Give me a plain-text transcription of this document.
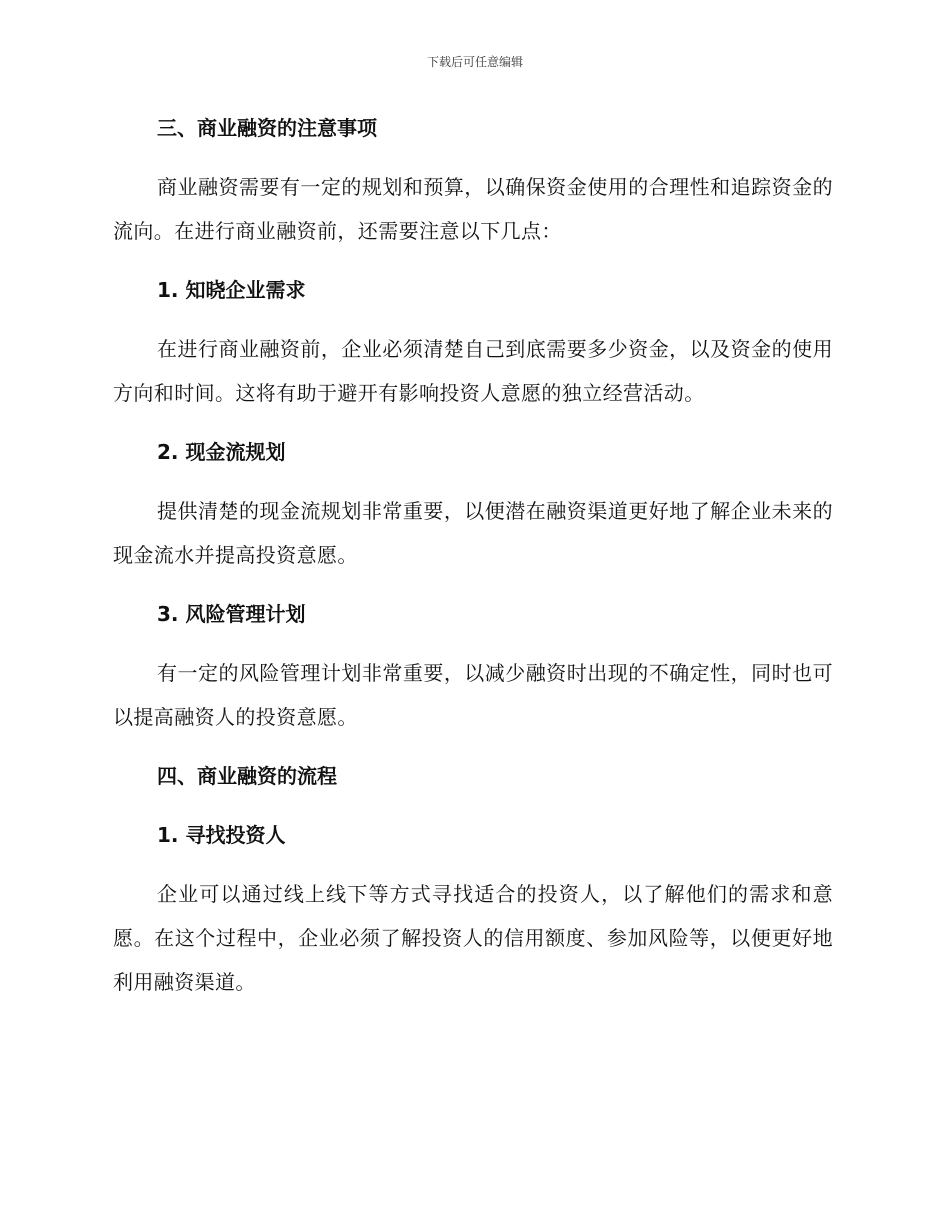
下载后可任意编辑
三、商业融资的注意事项

商业融资需要有一定的规划和预算，以确保资金使用的合理性和追踪资金的流向。在进行商业融资前，还需要注意以下几点：

1. 知晓企业需求

在进行商业融资前，企业必须清楚自己到底需要多少资金，以及资金的使用方向和时间。这将有助于避开有影响投资人意愿的独立经营活动。

2. 现金流规划

提供清楚的现金流规划非常重要，以便潜在融资渠道更好地了解企业未来的现金流水并提高投资意愿。

3. 风险管理计划

有一定的风险管理计划非常重要，以减少融资时出现的不确定性，同时也可以提高融资人的投资意愿。

四、商业融资的流程
1. 寻找投资人

企业可以通过线上线下等方式寻找适合的投资人，以了解他们的需求和意愿。在这个过程中，企业必须了解投资人的信用额度、参加风险等，以便更好地利用融资渠道。
